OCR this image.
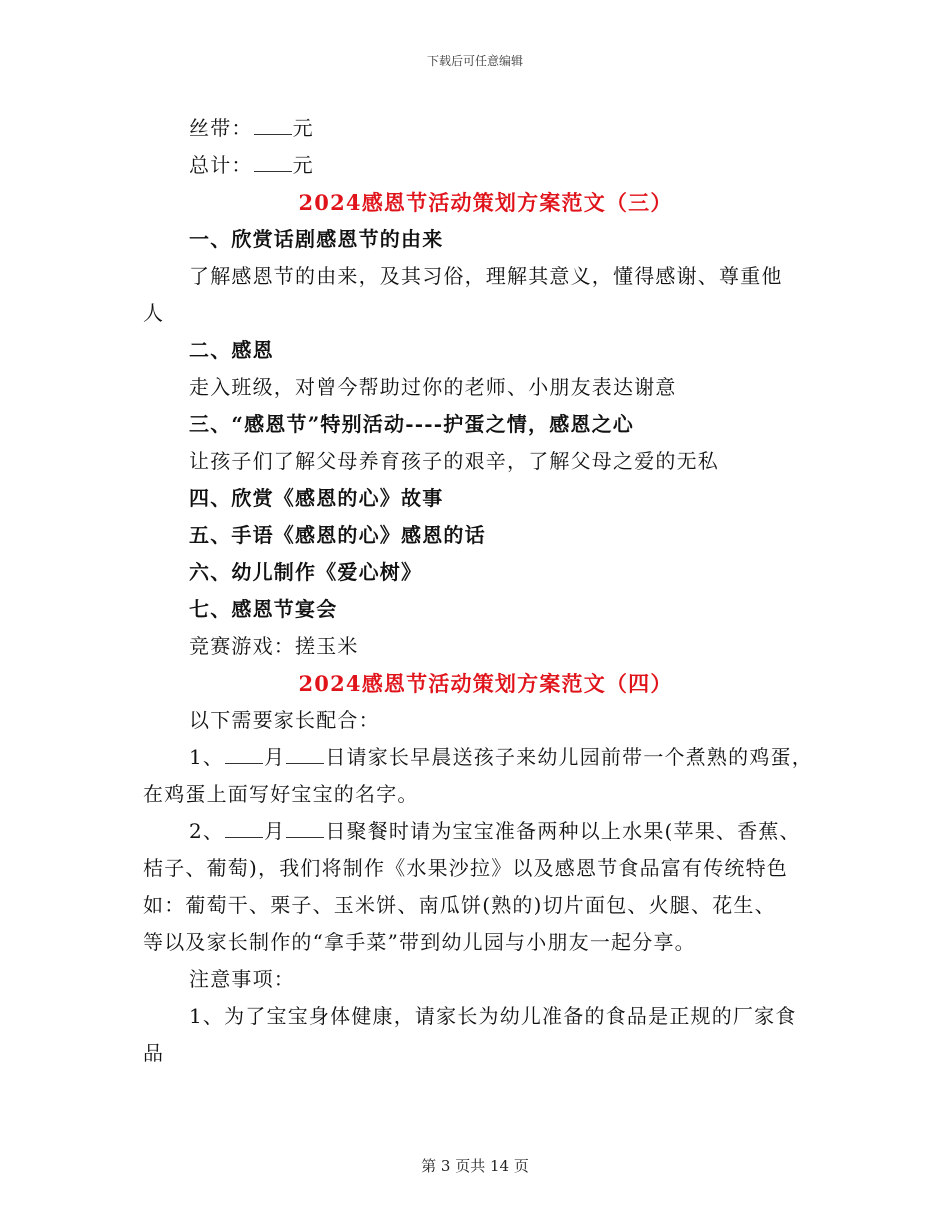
下载后可任意编辑
丝带： 元
总计： 元
2024感恩节活动策划方案范文（三）
一、欣赏话剧感恩节的由来
了解感恩节的由来，及其习俗，理解其意义，懂得感谢、尊重他
人
二、感恩
走入班级，对曾今帮助过你的老师、小朋友表达谢意
三、“感恩节”特别活动----护蛋之情，感恩之心
让孩子们了解父母养育孩子的艰辛，了解父母之爱的无私
四、欣赏《感恩的心》故事
五、手语《感恩的心》感恩的话
六、幼儿制作《爱心树》
七、感恩节宴会
竞赛游戏：搓玉米
2024感恩节活动策划方案范文（四）
以下需要家长配合：
1、 月 日请家长早晨送孩子来幼儿园前带一个煮熟的鸡蛋，
在鸡蛋上面写好宝宝的名字。
2、 月 日聚餐时请为宝宝准备两种以上水果(苹果、香蕉、
桔子、葡萄)，我们将制作《水果沙拉》以及感恩节食品富有传统特色
如：葡萄干、栗子、玉米饼、南瓜饼(熟的)切片面包、火腿、花生、
等以及家长制作的“拿手菜”带到幼儿园与小朋友一起分享。
注意事项：
1、为了宝宝身体健康，请家长为幼儿准备的食品是正规的厂家食
品
第 3 页共 14 页
